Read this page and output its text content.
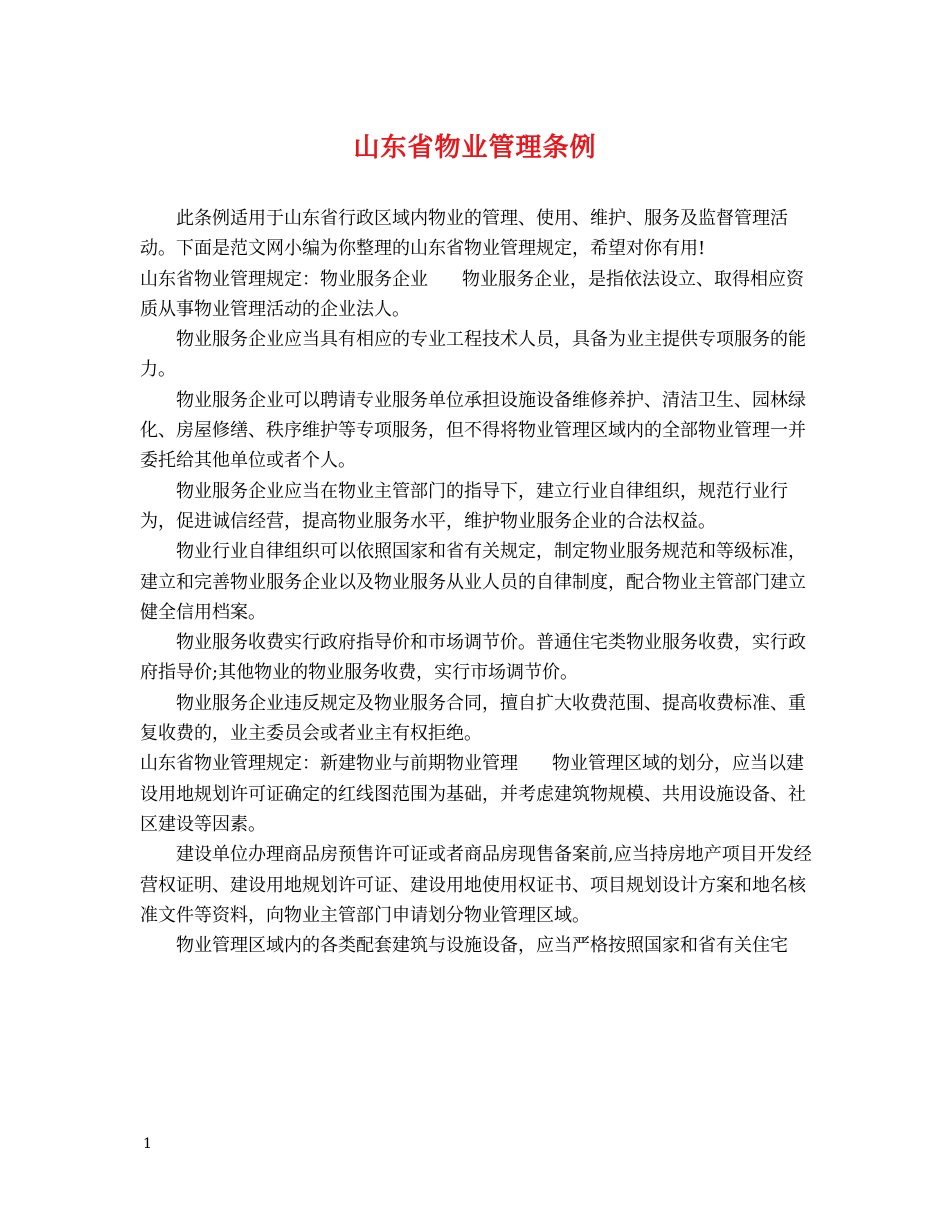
山东省物业管理条例

此条例适用于山东省行政区域内物业的管理、使用、维护、服务及监督管理活动。下面是范文网小编为你整理的山东省物业管理规定，希望对你有用!

山东省物业管理规定：物业服务企业 物业服务企业，是指依法设立、取得相应资质从事物业管理活动的企业法人。

物业服务企业应当具有相应的专业工程技术人员，具备为业主提供专项服务的能力。

物业服务企业可以聘请专业服务单位承担设施设备维修养护、清洁卫生、园林绿化、房屋修缮、秩序维护等专项服务，但不得将物业管理区域内的全部物业管理一并委托给其他单位或者个人。

物业服务企业应当在物业主管部门的指导下，建立行业自律组织，规范行业行为，促进诚信经营，提高物业服务水平，维护物业服务企业的合法权益。

物业行业自律组织可以依照国家和省有关规定，制定物业服务规范和等级标准，建立和完善物业服务企业以及物业服务从业人员的自律制度，配合物业主管部门建立健全信用档案。

物业服务收费实行政府指导价和市场调节价。普通住宅类物业服务收费，实行政府指导价;其他物业的物业服务收费，实行市场调节价。

物业服务企业违反规定及物业服务合同，擅自扩大收费范围、提高收费标准、重复收费的，业主委员会或者业主有权拒绝。

山东省物业管理规定：新建物业与前期物业管理 物业管理区域的划分，应当以建设用地规划许可证确定的红线图范围为基础，并考虑建筑物规模、共用设施设备、社区建设等因素。

建设单位办理商品房预售许可证或者商品房现售备案前,应当持房地产项目开发经营权证明、建设用地规划许可证、建设用地使用权证书、项目规划设计方案和地名核准文件等资料，向物业主管部门申请划分物业管理区域。

物业管理区域内的各类配套建筑与设施设备，应当严格按照国家和省有关住宅

1
